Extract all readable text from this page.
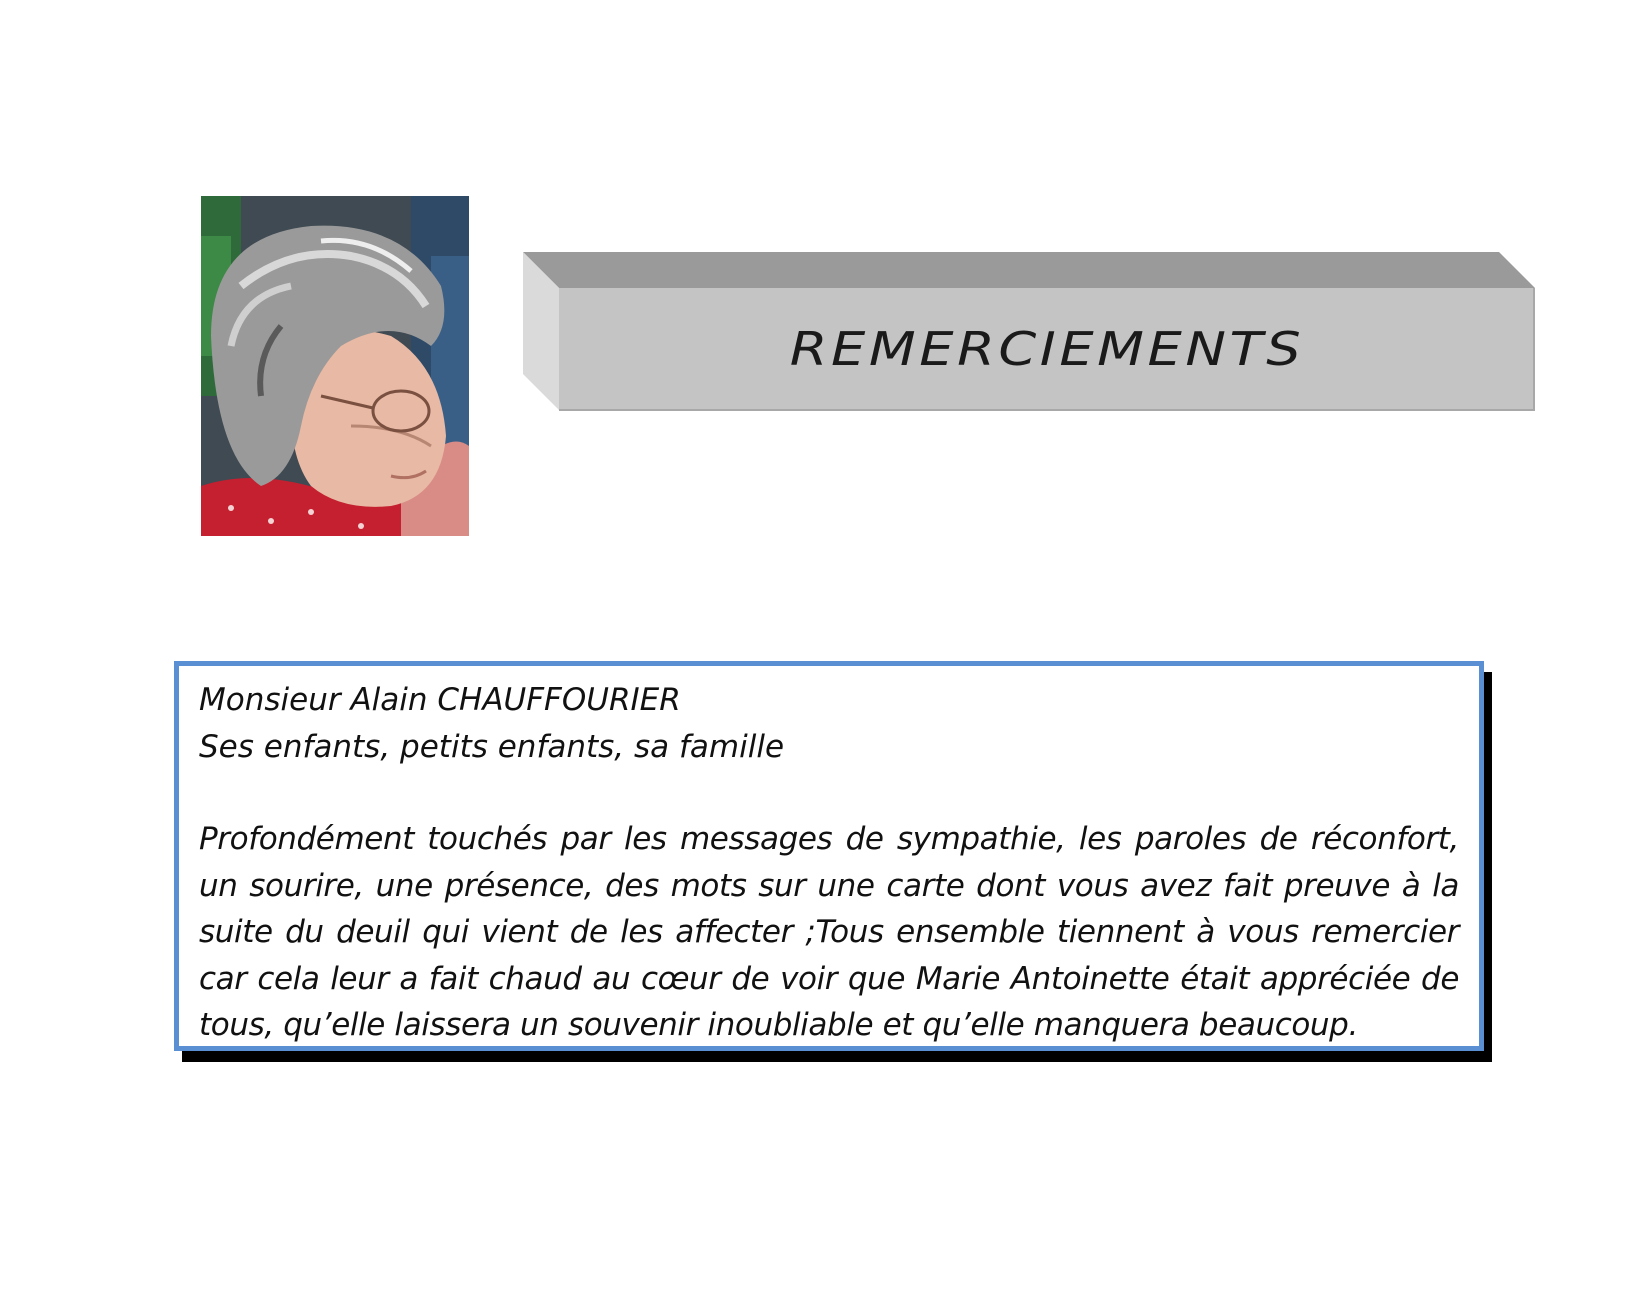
REMERCIEMENTS
Monsieur Alain CHAUFFOURIER
Ses enfants, petits enfants, sa famille
Profondément touchés par les messages de sympathie, les paroles de réconfort, un sourire, une présence, des mots sur une carte dont vous avez fait preuve à la suite du deuil qui vient de les affecter ;Tous ensemble tiennent à vous remercier car cela leur a fait chaud au cœur de voir que Marie Antoinette était appréciée de tous, qu’elle laissera un souvenir inoubliable et qu’elle manquera beaucoup.
